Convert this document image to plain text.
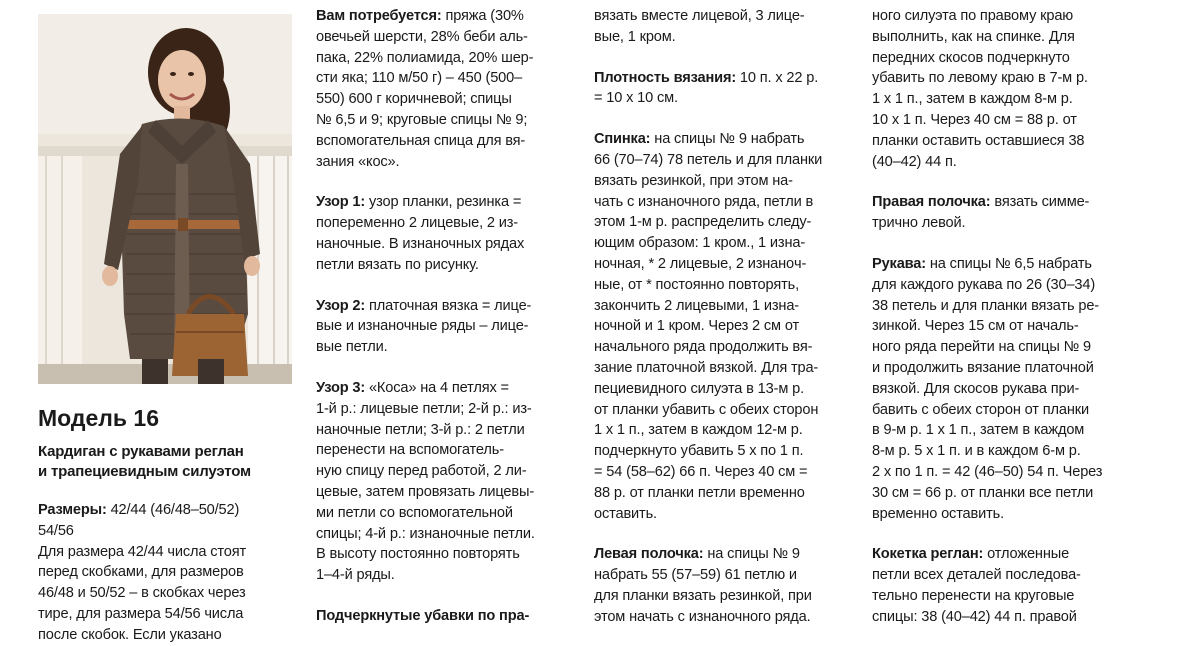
Модель 16
Кардиган с рукавами реглан
и трапециевидным силуэтом

Размеры: 42/44 (46/48–50/52)
54/56
Для размера 42/44 числа стоят
перед скобками, для размеров
46/48 и 50/52 – в скобках через
тире, для размера 54/56 числа
после скобок. Если указано

Вам потребуется: пряжа (30%
овечьей шерсти, 28% беби аль-
пака, 22% полиамида, 20% шер-
сти яка; 110 м/50 г) – 450 (500–
550) 600 г коричневой; спицы
№ 6,5 и 9; круговые спицы № 9;
вспомогательная спица для вя-
зания «кос».

Узор 1: узор планки, резинка =
попеременно 2 лицевые, 2 из-
наночные. В изнаночных рядах
петли вязать по рисунку.

Узор 2: платочная вязка = лице-
вые и изнаночные ряды – лице-
вые петли.

Узор 3: «Коса» на 4 петлях =
1-й р.: лицевые петли; 2-й р.: из-
наночные петли; 3-й р.: 2 петли
перенести на вспомогатель-
ную спицу перед работой, 2 ли-
цевые, затем провязать лицевы-
ми петли со вспомогательной
спицы; 4-й р.: изнаночные петли.
В высоту постоянно повторять
1–4-й ряды.

Подчеркнутые убавки по пра-

вязать вместе лицевой, 3 лице-
вые, 1 кром.

Плотность вязания: 10 п. х 22 р.
= 10 х 10 см.

Спинка: на спицы № 9 набрать
66 (70–74) 78 петель и для планки
вязать резинкой, при этом на-
чать с изнаночного ряда, петли в
этом 1-м р. распределить следу-
ющим образом: 1 кром., 1 изна-
ночная, * 2 лицевые, 2 изнанoч-
ные, от * постоянно повторять,
закончить 2 лицевыми, 1 изна-
ночной и 1 кром. Через 2 см от
начального ряда продолжить вя-
зание платочной вязкой. Для тра-
пециевидного силуэта в 13-м р.
от планки убавить с обеих сторон
1 х 1 п., затем в каждом 12-м р.
подчеркнуто убавить 5 х по 1 п.
= 54 (58–62) 66 п. Через 40 см =
88 р. от планки петли временно
оставить.

Левая полочка: на спицы № 9
набрать 55 (57–59) 61 петлю и
для планки вязать резинкой, при
этом начать с изнаночного ряда.

ного силуэта по правому краю
выполнить, как на спинке. Для
передних скосов подчеркнуто
убавить по левому краю в 7-м р.
1 х 1 п., затем в каждом 8-м р.
10 х 1 п. Через 40 см = 88 р. от
планки оставить оставшиеся 38
(40–42) 44 п.

Правая полочка: вязать симме-
трично левой.

Рукава: на спицы № 6,5 набрать
для каждого рукава по 26 (30–34)
38 петель и для планки вязать ре-
зинкой. Через 15 см от началь-
ного ряда перейти на спицы № 9
и продолжить вязание платочной
вязкой. Для скосов рукава при-
бавить с обеих сторон от планки
в 9-м р. 1 х 1 п., затем в каждом
8-м р. 5 х 1 п. и в каждом 6-м р.
2 х по 1 п. = 42 (46–50) 54 п. Через
30 см = 66 р. от планки все петли
временно оставить.

Кокетка реглан: отложенные
петли всех деталей последова-
тельно перенести на круговые
спицы: 38 (40–42) 44 п. правой
